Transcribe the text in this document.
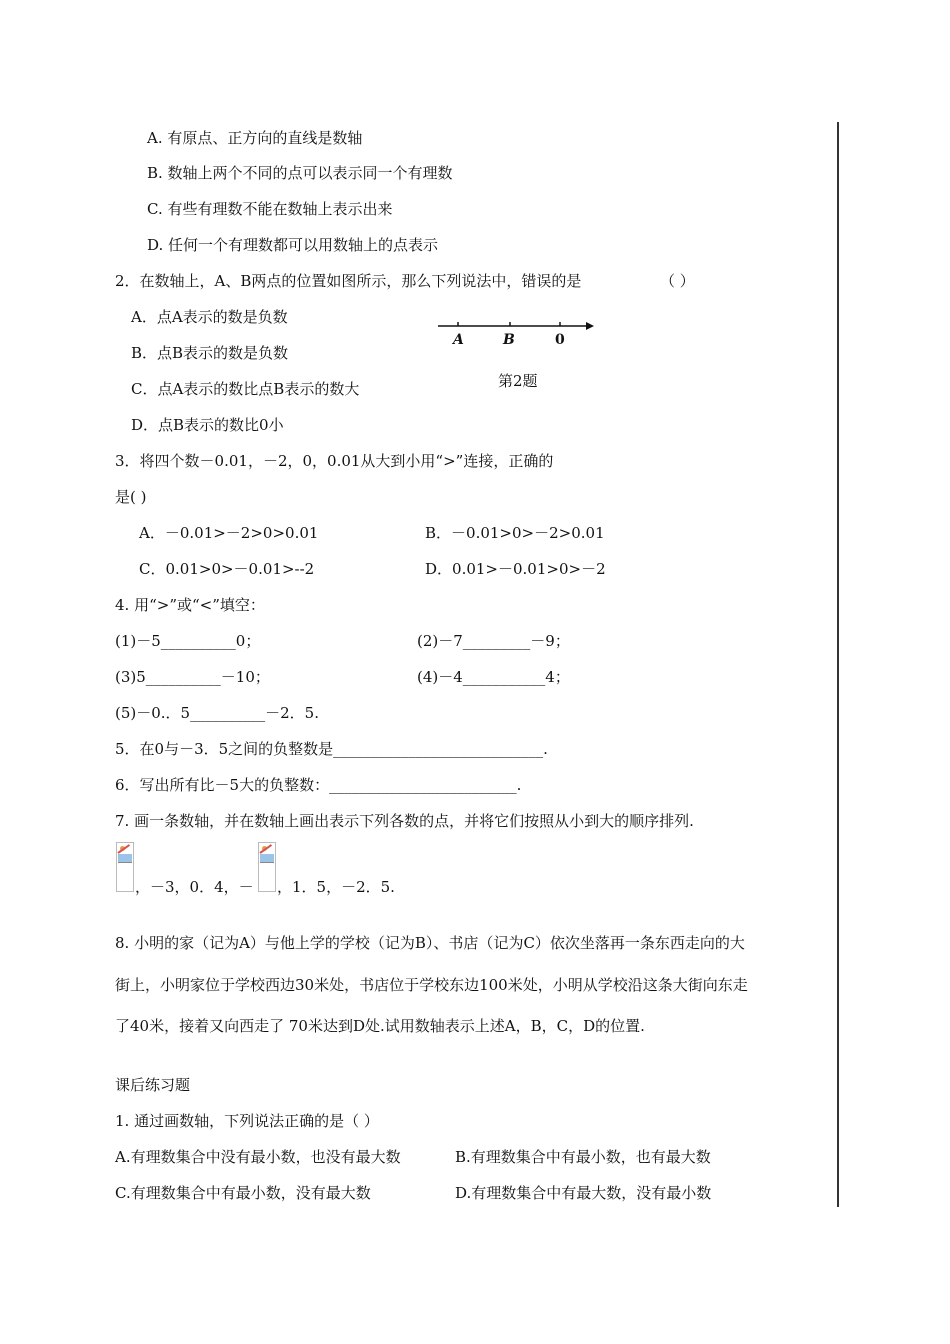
A. 有原点、正方向的直线是数轴
B. 数轴上两个不同的点可以表示同一个有理数
C. 有些有理数不能在数轴上表示出来
D. 任何一个有理数都可以用数轴上的点表示
2．在数轴上，A、B两点的位置如图所示，那么下列说法中，错误的是	（ ）
A．点A表示的数是负数
B．点B表示的数是负数
C．点A表示的数比点B表示的数大
D．点B表示的数比0小
A	B	0
第2题
3．将四个数－0.01，－2，0，0.01从大到小用“>”连接，正确的
是( )
A．－0.01>－2>0>0.01	B．－0.01>0>－2>0.01
C．0.01>0>－0.01>--2	D．0.01>－0.01>0>－2
4. 用“>”或“<”填空：
(1)－5__________0；	(2)－7_________－9；
(3)5__________－10；	(4)－4___________4；
(5)－0.．5__________－2．5.
5．在0与－3．5之间的负整数是____________________________.
6．写出所有比－5大的负整数：_________________________.
7. 画一条数轴，并在数轴上画出表示下列各数的点，并将它们按照从小到大的顺序排列.
，－3，0．4，－ ，1．5，－2．5.
8. 小明的家（记为A）与他上学的学校（记为B）、书店（记为C）依次坐落再一条东西走向的大
街上，小明家位于学校西边30米处，书店位于学校东边100米处，小明从学校沿这条大街向东走
了40米，接着又向西走了 70米达到D处.试用数轴表示上述A，B，C，D的位置.
课后练习题
1. 通过画数轴，下列说法正确的是（ ）
A.有理数集合中没有最小数，也没有最大数	B.有理数集合中有最小数，也有最大数
C.有理数集合中有最小数，没有最大数	D.有理数集合中有最大数，没有最小数
